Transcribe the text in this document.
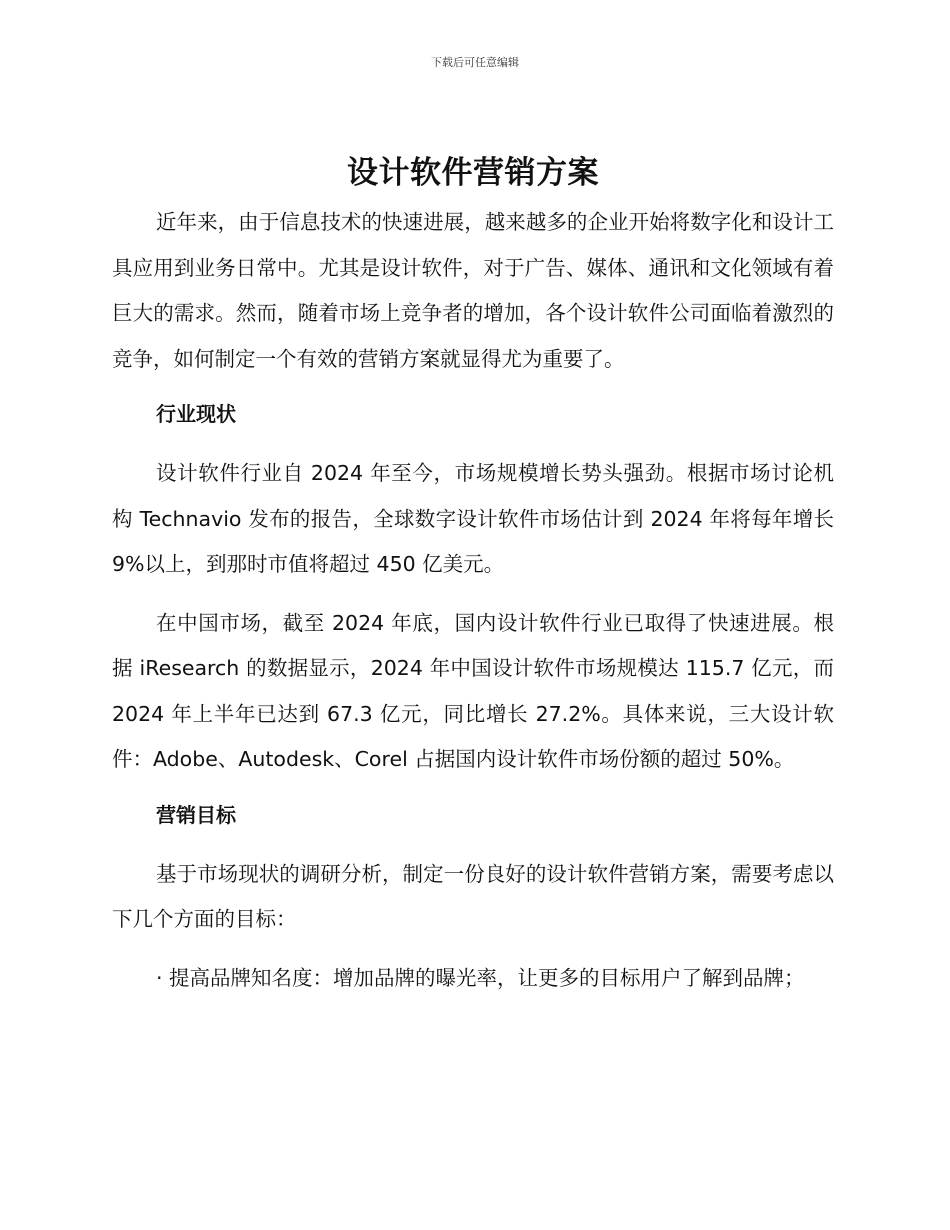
下载后可任意编辑
设计软件营销方案

近年来，由于信息技术的快速进展，越来越多的企业开始将数字化和设计工具应用到业务日常中。尤其是设计软件，对于广告、媒体、通讯和文化领域有着巨大的需求。然而，随着市场上竞争者的增加，各个设计软件公司面临着激烈的竞争，如何制定一个有效的营销方案就显得尤为重要了。

行业现状

设计软件行业自 2024 年至今，市场规模增长势头强劲。根据市场讨论机构 Technavio 发布的报告，全球数字设计软件市场估计到 2024 年将每年增长 9%以上，到那时市值将超过 450 亿美元。

在中国市场，截至 2024 年底，国内设计软件行业已取得了快速进展。根据 iResearch 的数据显示，2024 年中国设计软件市场规模达 115.7 亿元，而 2024 年上半年已达到 67.3 亿元，同比增长 27.2%。具体来说，三大设计软件：Adobe、Autodesk、Corel 占据国内设计软件市场份额的超过 50%。

营销目标

基于市场现状的调研分析，制定一份良好的设计软件营销方案，需要考虑以下几个方面的目标：

· 提高品牌知名度：增加品牌的曝光率，让更多的目标用户了解到品牌；
